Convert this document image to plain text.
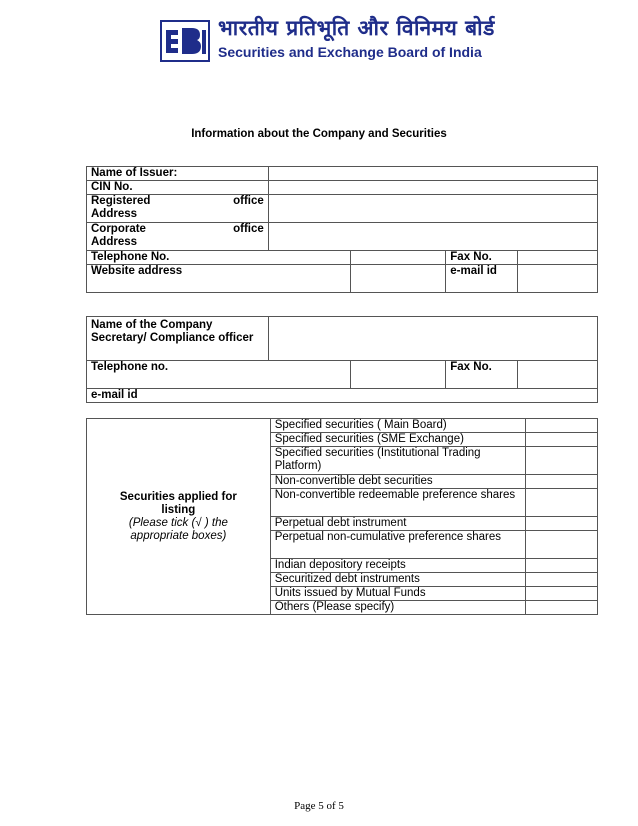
भारतीय प्रतिभूति और विनिमय बोर्ड
Securities and Exchange Board of India
Information about the Company and Securities
Name of Issuer:				
CIN No.				

Registered office
Address				

Corporate office
Address				

Telephone No.			Fax No.	
Website address			e-mail id	
Name of the Company Secretary/ Compliance officer				
Telephone no.			Fax No.	
e-mail id				
Securities applied for listing
(Please tick (√ ) the appropriate boxes)	Specified securities ( Main Board)	
	Specified securities (SME Exchange)	
	Specified securities (Institutional Trading Platform)	
	Non-convertible debt securities	
	Non-convertible redeemable preference shares	
	Perpetual debt instrument	
	Perpetual non-cumulative preference shares	
	Indian depository receipts	
	Securitized debt instruments	
	Units issued by Mutual Funds	
	Others (Please specify)	
Page 5 of 5
